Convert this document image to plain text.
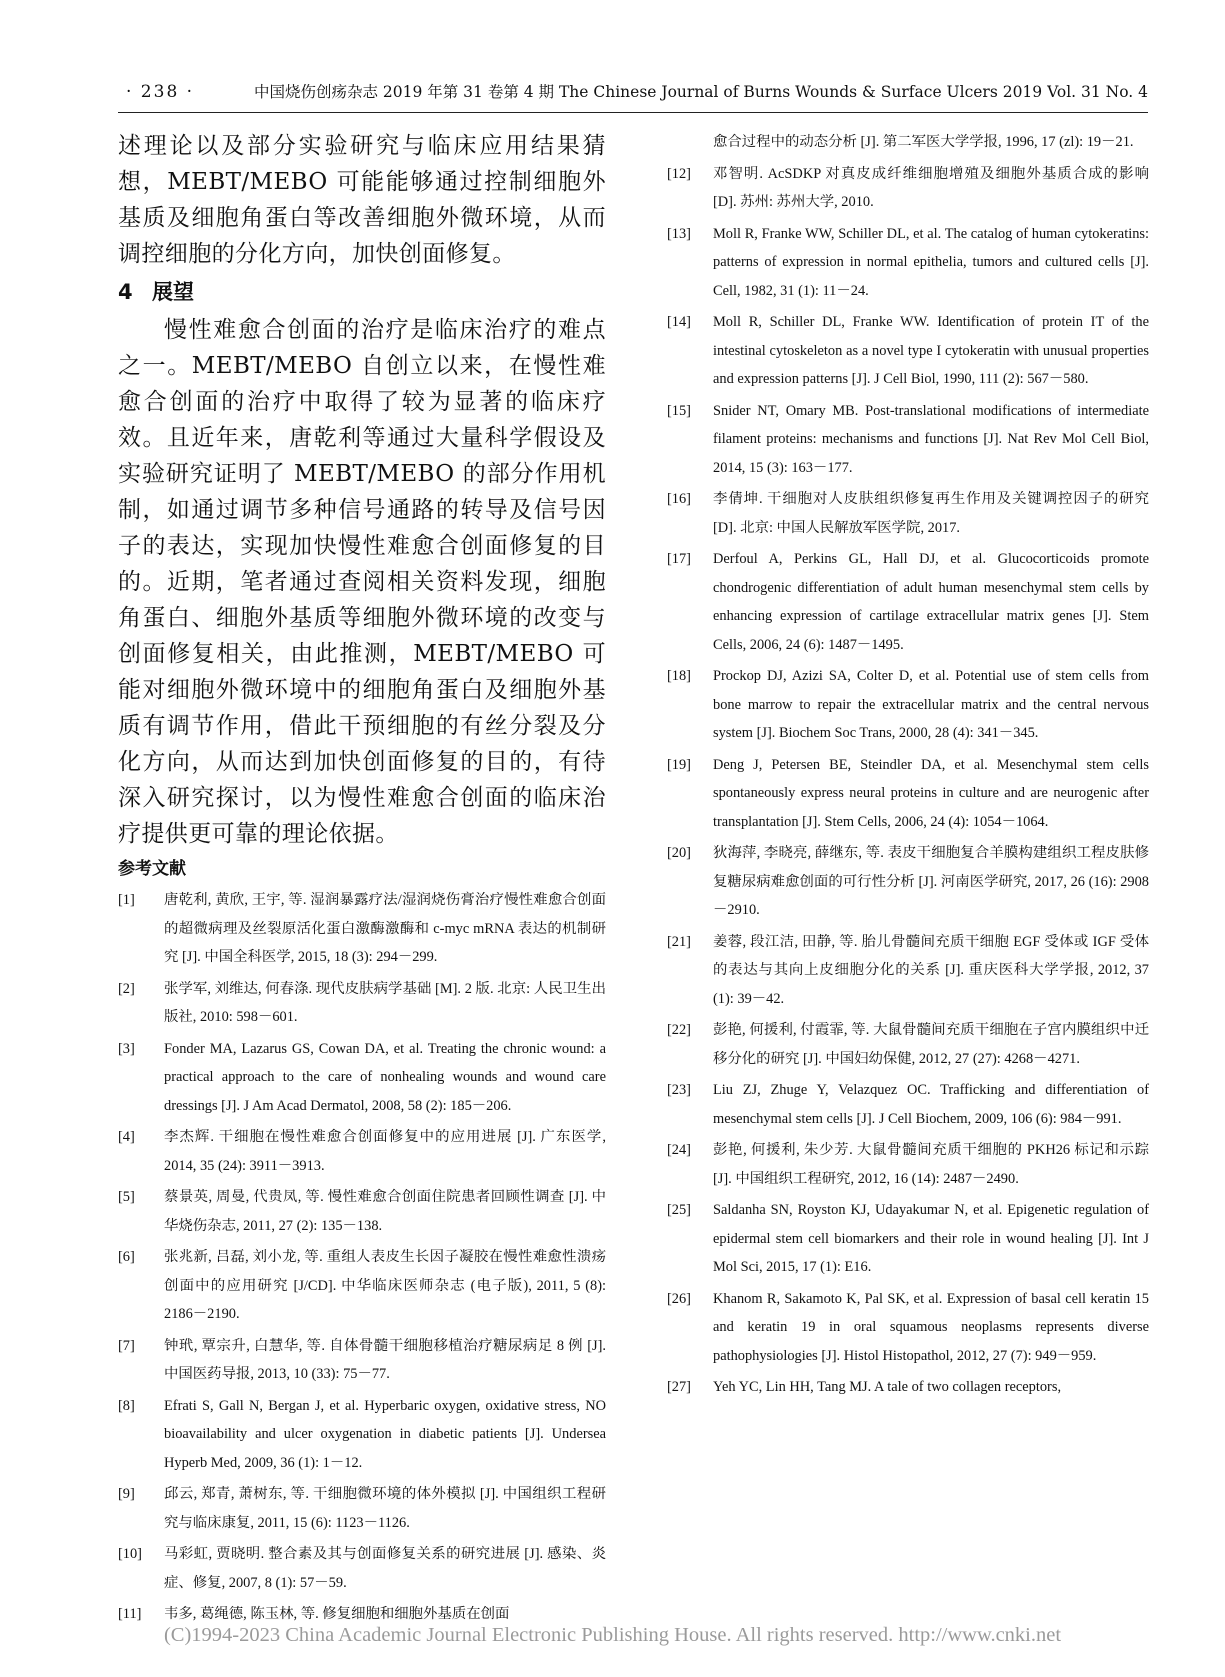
· 238 ·	中国烧伤创疡杂志 2019 年第 31 卷第 4 期 The Chinese Journal of Burns Wounds & Surface Ulcers 2019 Vol. 31 No. 4

述理论以及部分实验研究与临床应用结果猜想，MEBT/MEBO 可能能够通过控制细胞外基质及细胞角蛋白等改善细胞外微环境，从而调控细胞的分化方向，加快创面修复。

4 展望

慢性难愈合创面的治疗是临床治疗的难点之一。MEBT/MEBO 自创立以来，在慢性难愈合创面的治疗中取得了较为显著的临床疗效。且近年来，唐乾利等通过大量科学假设及实验研究证明了 MEBT/MEBO 的部分作用机制，如通过调节多种信号通路的转导及信号因子的表达，实现加快慢性难愈合创面修复的目的。近期，笔者通过查阅相关资料发现，细胞角蛋白、细胞外基质等细胞外微环境的改变与创面修复相关，由此推测，MEBT/MEBO 可能对细胞外微环境中的细胞角蛋白及细胞外基质有调节作用，借此干预细胞的有丝分裂及分化方向，从而达到加快创面修复的目的，有待深入研究探讨，以为慢性难愈合创面的临床治疗提供更可靠的理论依据。

参考文献
[1] 唐乾利, 黄欣, 王宇, 等. 湿润暴露疗法/湿润烧伤膏治疗慢性难愈合创面的超微病理及丝裂原活化蛋白激酶激酶和 c-myc mRNA 表达的机制研究 [J]. 中国全科医学, 2015, 18 (3): 294－299.
[2] 张学军, 刘维达, 何春涤. 现代皮肤病学基础 [M]. 2 版. 北京: 人民卫生出版社, 2010: 598－601.
[3] Fonder MA, Lazarus GS, Cowan DA, et al. Treating the chronic wound: a practical approach to the care of nonhealing wounds and wound care dressings [J]. J Am Acad Dermatol, 2008, 58 (2): 185－206.
[4] 李杰辉. 干细胞在慢性难愈合创面修复中的应用进展 [J]. 广东医学, 2014, 35 (24): 3911－3913.
[5] 蔡景英, 周曼, 代贵凤, 等. 慢性难愈合创面住院患者回顾性调查 [J]. 中华烧伤杂志, 2011, 27 (2): 135－138.
[6] 张兆新, 吕磊, 刘小龙, 等. 重组人表皮生长因子凝胶在慢性难愈性溃疡创面中的应用研究 [J/CD]. 中华临床医师杂志 (电子版), 2011, 5 (8): 2186－2190.
[7] 钟玳, 覃宗升, 白慧华, 等. 自体骨髓干细胞移植治疗糖尿病足 8 例 [J]. 中国医药导报, 2013, 10 (33): 75－77.
[8] Efrati S, Gall N, Bergan J, et al. Hyperbaric oxygen, oxidative stress, NO bioavailability and ulcer oxygenation in diabetic patients [J]. Undersea Hyperb Med, 2009, 36 (1): 1－12.
[9] 邱云, 郑青, 萧树东, 等. 干细胞微环境的体外模拟 [J]. 中国组织工程研究与临床康复, 2011, 15 (6): 1123－1126.
[10] 马彩虹, 贾晓明. 整合素及其与创面修复关系的研究进展 [J]. 感染、炎症、修复, 2007, 8 (1): 57－59.
[11] 韦多, 葛绳德, 陈玉林, 等. 修复细胞和细胞外基质在创面
愈合过程中的动态分析 [J]. 第二军医大学学报, 1996, 17 (zl): 19－21.
[12] 邓智明. AcSDKP 对真皮成纤维细胞增殖及细胞外基质合成的影响 [D]. 苏州: 苏州大学, 2010.
[13] Moll R, Franke WW, Schiller DL, et al. The catalog of human cytokeratins: patterns of expression in normal epithelia, tumors and cultured cells [J]. Cell, 1982, 31 (1): 11－24.
[14] Moll R, Schiller DL, Franke WW. Identification of protein IT of the intestinal cytoskeleton as a novel type I cytokeratin with unusual properties and expression patterns [J]. J Cell Biol, 1990, 111 (2): 567－580.
[15] Snider NT, Omary MB. Post-translational modifications of intermediate filament proteins: mechanisms and functions [J]. Nat Rev Mol Cell Biol, 2014, 15 (3): 163－177.
[16] 李倩坤. 干细胞对人皮肤组织修复再生作用及关键调控因子的研究 [D]. 北京: 中国人民解放军医学院, 2017.
[17] Derfoul A, Perkins GL, Hall DJ, et al. Glucocorticoids promote chondrogenic differentiation of adult human mesenchymal stem cells by enhancing expression of cartilage extracellular matrix genes [J]. Stem Cells, 2006, 24 (6): 1487－1495.
[18] Prockop DJ, Azizi SA, Colter D, et al. Potential use of stem cells from bone marrow to repair the extracellular matrix and the central nervous system [J]. Biochem Soc Trans, 2000, 28 (4): 341－345.
[19] Deng J, Petersen BE, Steindler DA, et al. Mesenchymal stem cells spontaneously express neural proteins in culture and are neurogenic after transplantation [J]. Stem Cells, 2006, 24 (4): 1054－1064.
[20] 狄海萍, 李晓亮, 薛继东, 等. 表皮干细胞复合羊膜构建组织工程皮肤修复糖尿病难愈创面的可行性分析 [J]. 河南医学研究, 2017, 26 (16): 2908－2910.
[21] 姜蓉, 段江洁, 田静, 等. 胎儿骨髓间充质干细胞 EGF 受体或 IGF 受体的表达与其向上皮细胞分化的关系 [J]. 重庆医科大学学报, 2012, 37 (1): 39－42.
[22] 彭艳, 何援利, 付霞霏, 等. 大鼠骨髓间充质干细胞在子宫内膜组织中迁移分化的研究 [J]. 中国妇幼保健, 2012, 27 (27): 4268－4271.
[23] Liu ZJ, Zhuge Y, Velazquez OC. Trafficking and differentiation of mesenchymal stem cells [J]. J Cell Biochem, 2009, 106 (6): 984－991.
[24] 彭艳, 何援利, 朱少芳. 大鼠骨髓间充质干细胞的 PKH26 标记和示踪 [J]. 中国组织工程研究, 2012, 16 (14): 2487－2490.
[25] Saldanha SN, Royston KJ, Udayakumar N, et al. Epigenetic regulation of epidermal stem cell biomarkers and their role in wound healing [J]. Int J Mol Sci, 2015, 17 (1): E16.
[26] Khanom R, Sakamoto K, Pal SK, et al. Expression of basal cell keratin 15 and keratin 19 in oral squamous neoplasms represents diverse pathophysiologies [J]. Histol Histopathol, 2012, 27 (7): 949－959.
[27] Yeh YC, Lin HH, Tang MJ. A tale of two collagen receptors,
(C)1994-2023 China Academic Journal Electronic Publishing House. All rights reserved. http://www.cnki.net
